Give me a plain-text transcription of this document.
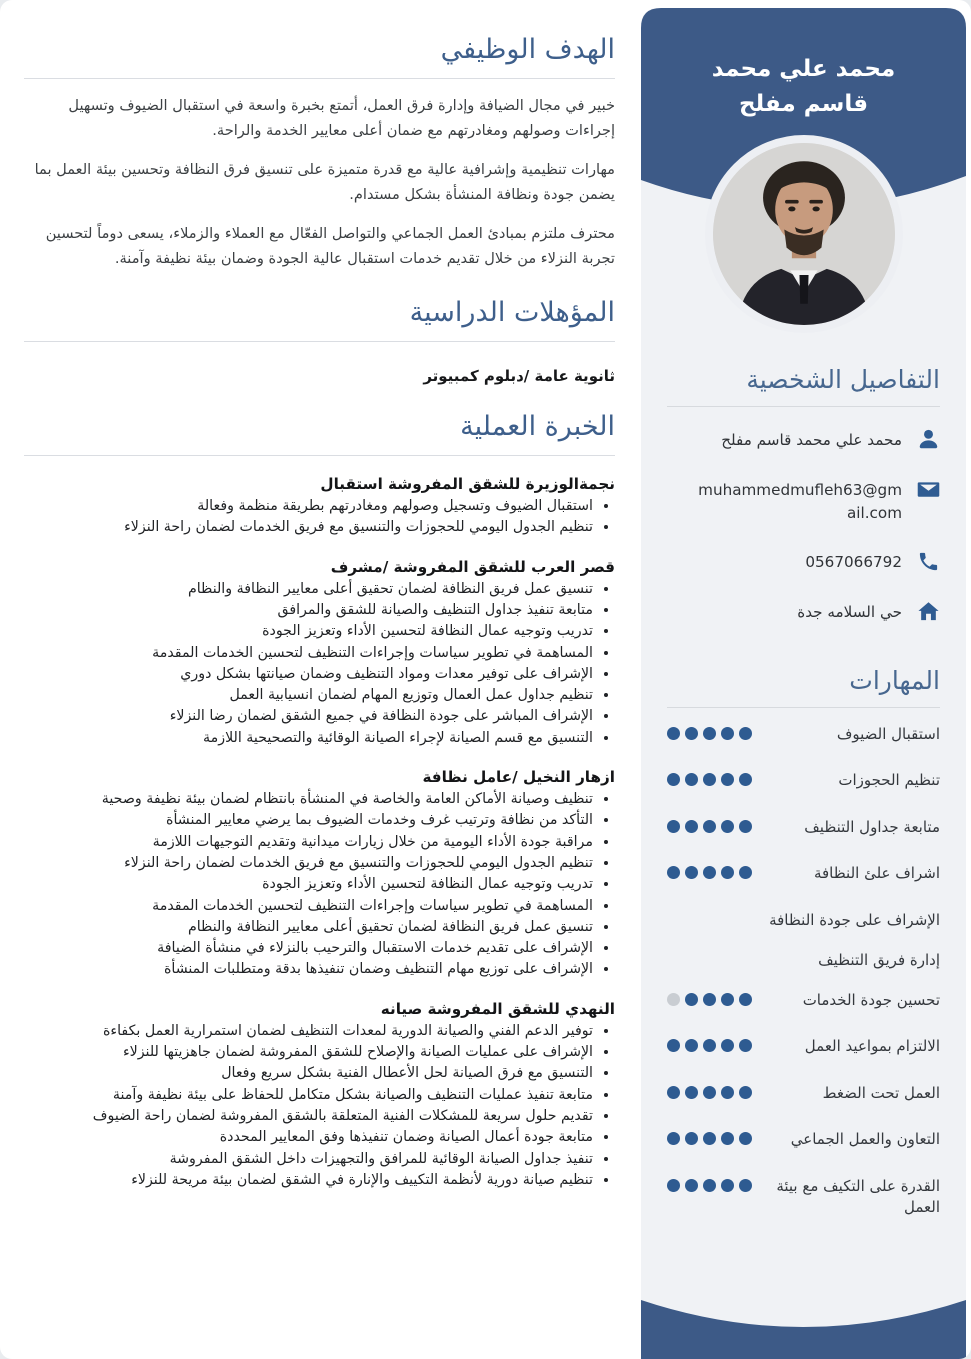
الهدف الوظيفي

خبير في مجال الضيافة وإدارة فرق العمل، أتمتع بخبرة واسعة في استقبال الضيوف وتسهيل إجراءات وصولهم ومغادرتهم مع ضمان أعلى معايير الخدمة والراحة.

مهارات تنظيمية وإشرافية عالية مع قدرة متميزة على تنسيق فرق النظافة وتحسين بيئة العمل بما يضمن جودة ونظافة المنشأة بشكل مستدام.

محترف ملتزم بمبادئ العمل الجماعي والتواصل الفعّال مع العملاء والزملاء، يسعى دوماً لتحسين تجربة النزلاء من خلال تقديم خدمات استقبال عالية الجودة وضمان بيئة نظيفة وآمنة.

المؤهلات الدراسية

ثانوية عامة /دبلوم كمبيوتر

الخبرة العملية

نجمةالوزيرة للشقق المفروشة استقبال

• استقبال الضيوف وتسجيل وصولهم ومغادرتهم بطريقة منظمة وفعالة
• تنظيم الجدول اليومي للحجوزات والتنسيق مع فريق الخدمات لضمان راحة النزلاء

قصر العرب للشقق المفروشة /مشرف

• تنسيق عمل فريق النظافة لضمان تحقيق أعلى معايير النظافة والنظام
• متابعة تنفيذ جداول التنظيف والصيانة للشقق والمرافق
• تدريب وتوجيه عمال النظافة لتحسين الأداء وتعزيز الجودة
• المساهمة في تطوير سياسات وإجراءات التنظيف لتحسين الخدمات المقدمة
• الإشراف على توفير معدات ومواد التنظيف وضمان صيانتها بشكل دوري
• تنظيم جداول عمل العمال وتوزيع المهام لضمان انسيابية العمل
• الإشراف المباشر على جودة النظافة في جميع الشقق لضمان رضا النزلاء
• التنسيق مع قسم الصيانة لإجراء الصيانة الوقائية والتصحيحية اللازمة

ازهار النخيل /عامل نظافة

• تنظيف وصيانة الأماكن العامة والخاصة في المنشأة بانتظام لضمان بيئة نظيفة وصحية
• التأكد من نظافة وترتيب غرف وخدمات الضيوف بما يرضي معايير المنشأة
• مراقبة جودة الأداء اليومية من خلال زيارات ميدانية وتقديم التوجيهات اللازمة
• تنظيم الجدول اليومي للحجوزات والتنسيق مع فريق الخدمات لضمان راحة النزلاء
• تدريب وتوجيه عمال النظافة لتحسين الأداء وتعزيز الجودة
• المساهمة في تطوير سياسات وإجراءات التنظيف لتحسين الخدمات المقدمة
• تنسيق عمل فريق النظافة لضمان تحقيق أعلى معايير النظافة والنظام
• الإشراف على تقديم خدمات الاستقبال والترحيب بالنزلاء في منشأة الضيافة
• الإشراف على توزيع مهام التنظيف وضمان تنفيذها بدقة ومتطلبات المنشأة

النهدي للشقق المفروشة صيانه

• توفير الدعم الفني والصيانة الدورية لمعدات التنظيف لضمان استمرارية العمل بكفاءة
• الإشراف على عمليات الصيانة والإصلاح للشقق المفروشة لضمان جاهزيتها للنزلاء
• التنسيق مع فرق الصيانة لحل الأعطال الفنية بشكل سريع وفعال
• متابعة تنفيذ عمليات التنظيف والصيانة بشكل متكامل للحفاظ على بيئة نظيفة وآمنة
• تقديم حلول سريعة للمشكلات الفنية المتعلقة بالشقق المفروشة لضمان راحة الضيوف
• متابعة جودة أعمال الصيانة وضمان تنفيذها وفق المعايير المحددة
• تنفيذ جداول الصيانة الوقائية للمرافق والتجهيزات داخل الشقق المفروشة
• تنظيم صيانة دورية لأنظمة التكييف والإنارة في الشقق لضمان بيئة مريحة للنزلاء
محمد علي محمد قاسم مفلح
التفاصيل الشخصية
محمد علي محمد قاسم مفلح
muhammedmufleh63@gmail.com
0567066792
حي السلامه جدة
المهارات
استقبال الضيوف
تنظيم الحجوزات
متابعة جداول التنظيف
اشراف علئ النظافة
الإشراف على جودة النظافة
إدارة فريق التنظيف
تحسين جودة الخدمات
الالتزام بمواعيد العمل
العمل تحت الضغط
التعاون والعمل الجماعي
القدرة على التكيف مع بيئة العمل
